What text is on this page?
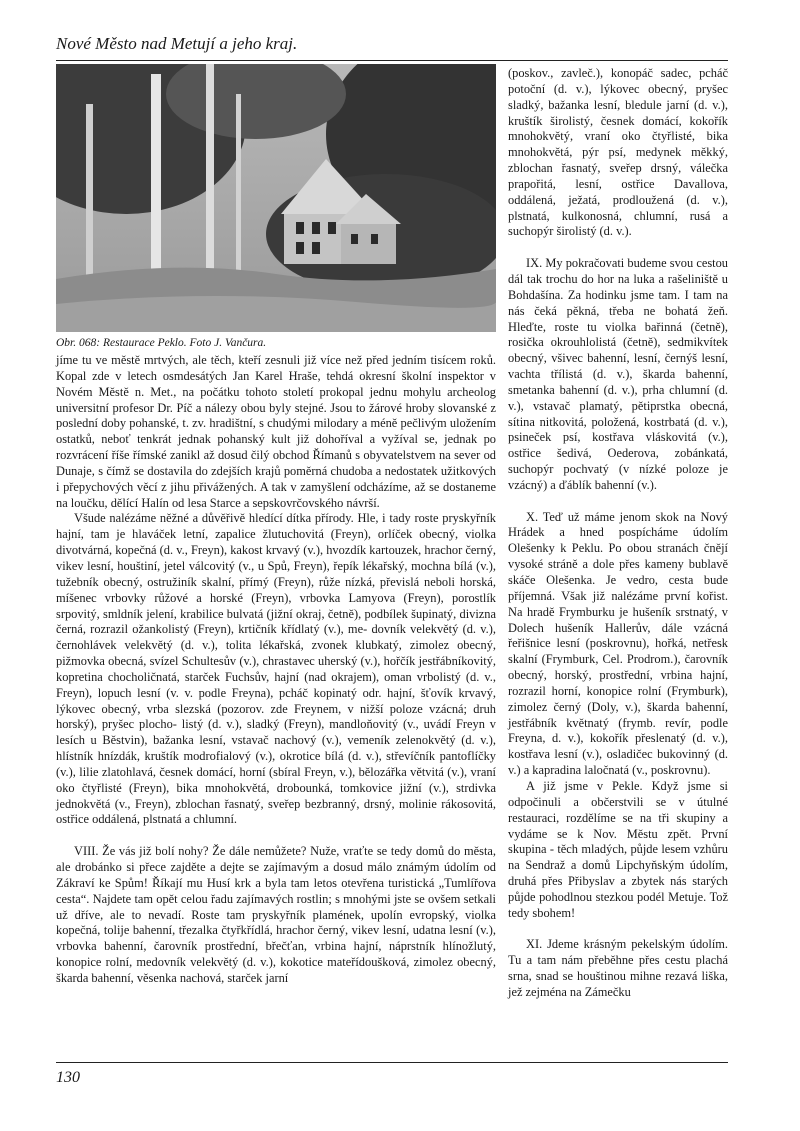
Nové Město nad Metují a jeho kraj.
Obr. 068: Restaurace Peklo. Foto J. Vančura.

jíme tu ve městě mrtvých, ale těch, kteří zesnuli již více než před jedním tisícem roků. Kopal zde v letech osmdesátých Jan Karel Hraše, tehdá okresní školní inspektor v Novém Městě n. Met., na počátku tohoto století prokopal jednu mohylu archeolog universitní profesor Dr. Píč a nálezy obou byly stejné. Jsou to žárové hroby slovanské z poslední doby pohanské, t. zv. hradištní, s chudými milodary a méně pečlivým uložením ostatků, neboť tenkrát jednak pohanský kult již dohoříval a vyžíval se, jednak po rozvrácení říše římské zanikl až dosud čilý obchod Římanů s obyvatelstvem na sever od Dunaje, s čímž se dostavila do zdejších krajů poměrná chudoba a nedostatek užitkových i přepychových věcí z jihu přivážených. A tak v zamyšlení odcházíme, až se dostaneme na loučku, dělící Halín od lesa Starce a sepskovrčovského návrší.

Všude nalézáme něžné a důvěřivě hledící dítka přírody. Hle, i tady roste pryskyřník hajní, tam je hlaváček letní, zapalice žlutuchovitá (Freyn), orlíček obecný, violka divotvárná, kopečná (d. v., Freyn), kakost krvavý (v.), hvozdík kartouzek, hrachor černý, vikev lesní, houštiní, jetel válcovitý (v., u Spů, Freyn), řepík lékařský, mochna bílá (v.), tužebník obecný, ostružiník skalní, přímý (Freyn), růže nízká, převislá neboli horská, míšenec vrbovky růžové a horské (Freyn), vrbovka Lamyova (Freyn), porostlík srpovitý, smldník jelení, krabilice bulvatá (jižní okraj, četně), podbílek šupinatý, divizna černá, rozrazil ožankolistý (Freyn), krtičník křídlatý (v.), me- dovník velekvětý (d. v.), černohlávek velekvětý (d. v.), tolita lékařská, zvonek klubkatý, zimolez obecný, pižmovka obecná, svízel Schultesův (v.), chrastavec uherský (v.), hořčík jestřábníkovitý, kopretina chocholičnatá, starček Fuchsův, hajní (nad okrajem), oman vrbolistý (d. v., Freyn), lopuch lesní (v. v. podle Freyna), pcháč kopinatý odr. hajní, šťovík krvavý, lýkovec obecný, vrba slezská (pozorov. zde Freynem, v nižší poloze vzácná; druh horský), pryšec plocho- listý (d. v.), sladký (Freyn), mandloňovitý (v., uvádí Freyn v lesích u Běstvin), bažanka lesní, vstavač nachový (v.), vemeník zelenokvětý (d. v.), hlístník hnízdák, kruštík modrofialový (v.), okrotice bílá (d. v.), střevíčník pantoflíčky (v.), lilie zlatohlavá, česnek domácí, horní (sbíral Freyn, v.), bělozářka větvitá (v.), vraní oko čtyřlisté (Freyn), bika mnohokvětá, drobounká, tomkovice jižní (v.), strdivka jednokvětá (v., Freyn), zblochan řasnatý, sveřep bezbranný, drsný, molinie rákosovitá, ostřice oddálená, plstnatá a chlumní.

VIII. Že vás již bolí nohy? Že dále nemůžete? Nuže, vraťte se tedy domů do města, ale drobánko si přece zajděte a dejte se zajímavým a dosud málo známým údolím od Zákraví ke Spům! Říkají mu Husí krk a byla tam letos otevřena turistická „Tumlířova cesta“. Najdete tam opět celou řadu zajímavých rostlin; s mnohými jste se ovšem setkali už dříve, ale to nevadí. Roste tam pryskyřník plamének, upolín evropský, violka kopečná, tolije bahenní, třezalka čtyřkřídlá, hrachor černý, vikev lesní, udatna lesní (v.), vrbovka bahenní, čarovník prostřední, břečťan, vrbina hajní, náprstník hlínožlutý, konopice rolní, medovník velekvětý (d. v.), kokotice mateřídoušková, zimolez obecný, škarda bahenní, věsenka nachová, starček jarní

(poskov., zavleč.), konopáč sadec, pcháč potoční (d. v.), lýkovec obecný, pryšec sladký, bažanka lesní, bledule jarní (d. v.), kruštík širolistý, česnek domácí, kokořík mnohokvětý, vraní oko čtyřlisté, bika mnohokvětá, pýr psí, medynek měkký, zblochan řasnatý, sveřep drsný, válečka prapořitá, lesní, ostřice Davallova, oddálená, ježatá, prodloužená (d. v.), plstnatá, kulkonosná, chlumní, rusá a suchopýr širolistý (d. v.).

IX. My pokračovati budeme svou cestou dál tak trochu do hor na luka a rašeliniště u Bohdašína. Za hodinku jsme tam. I tam na nás čeká pěkná, třeba ne bohatá žeň. Hleďte, roste tu violka bařinná (četně), rosička okrouhlolistá (četně), sedmikvítek obecný, všivec bahenní, lesní, černýš lesní, vachta třílistá (d. v.), škarda bahenní, smetanka bahenní (d. v.), prha chlumní (d. v.), vstavač plamatý, pětiprstka obecná, sítina nitkovitá, položená, kostrbatá (d. v.), psineček psí, kostřava vláskovitá (v.), ostřice šedivá, Oederova, zobánkatá, suchopýr pochvatý (v nízké poloze je vzácný) a ďáblík bahenní (v.).

X. Teď už máme jenom skok na Nový Hrádek a hned pospícháme údolím Olešenky k Peklu. Po obou stranách čnějí vysoké stráně a dole přes kameny bublavě skáče Olešenka. Je vedro, cesta bude příjemná. Však již nalézáme první kořist. Na hradě Frymburku je hušeník srstnatý, v Dolech hušeník Hallerův, dále vzácná řeřišnice lesní (poskrovnu), hořká, netřesk skalní (Frymburk, Cel. Prodrom.), čarovník obecný, horský, prostřední, vrbina hajní, rozrazil horní, konopice rolní (Frymburk), zimolez černý (Doly, v.), škarda bahenní, jestřábník květnatý (frymb. revír, podle Freyna, d. v.), kokořík přeslenatý (d. v.), kostřava lesní (v.), osladičec bukovinný (d. v.) a kapradina laločnatá (v., poskrovnu).

A již jsme v Pekle. Když jsme si odpočinuli a občerstvili se v útulné restauraci, rozdělíme se na tři skupiny a vydáme se k Nov. Městu zpět. První skupina - těch mladých, půjde lesem vzhůru na Sendraž a domů Lipchyňským údolím, druhá přes Přibyslav a zbytek nás starých půjde pohodlnou stezkou podél Metuje. Tož tedy sbohem!

XI. Jdeme krásným pekelským údolím. Tu a tam nám přeběhne přes cestu plachá srna, snad se houštinou mihne rezavá liška, jež zejména na Zámečku

130
